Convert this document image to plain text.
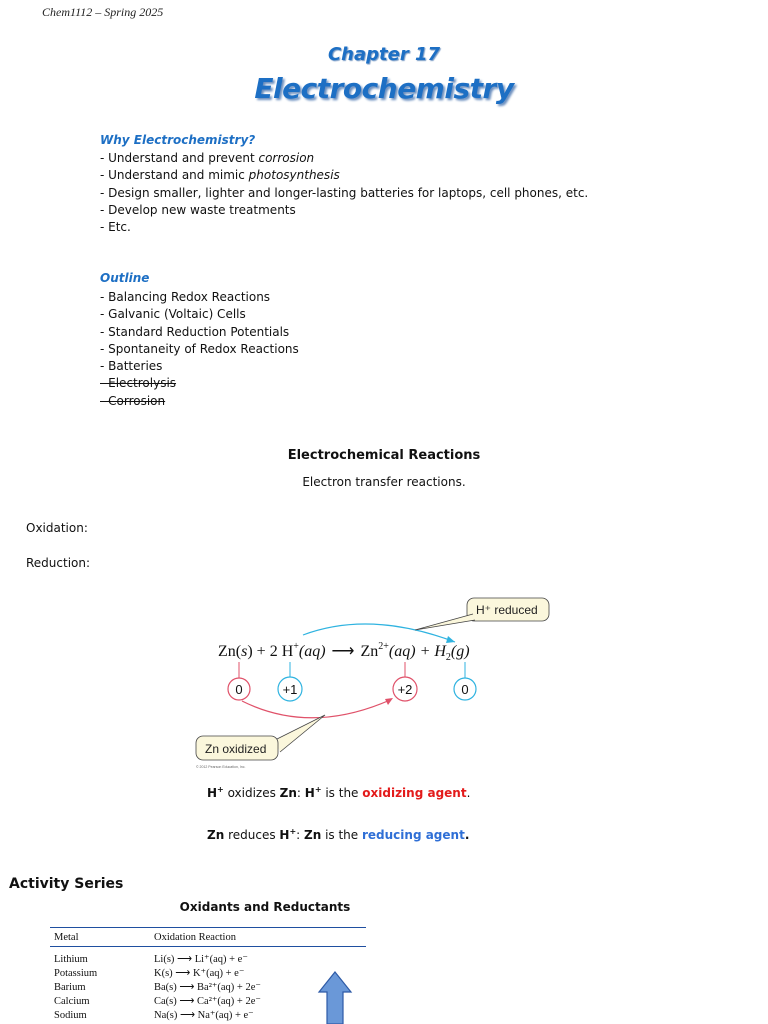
Chem1112 – Spring 2025
Chapter 17
Electrochemistry
Why Electrochemistry?
- Understand and prevent corrosion
- Understand and mimic photosynthesis
- Design smaller, lighter and longer-lasting batteries for laptops, cell phones, etc.
- Develop new waste treatments
- Etc.
Outline
- Balancing Redox Reactions
- Galvanic (Voltaic) Cells
- Standard Reduction Potentials
- Spontaneity of Redox Reactions
- Batteries
- Electrolysis
- Corrosion
Electrochemical Reactions
Electron transfer reactions.
Oxidation:
Reduction:
H⁺ reduced
Zn(s) + 2 H+(aq) ⟶ $Zn^{2+}(aq) + H_2(g)$
0	+1	+2	0
Zn oxidized
© 2012 Pearson Education, Inc.
H+ oxidizes Zn: H+ is the oxidizing agent.
Zn reduces H+: Zn is the reducing agent.
Activity Series
Oxidants and Reductants
Metal	Oxidation Reaction

Lithium	Li(s) ⟶ Li⁺(aq) + e⁻
Potassium	K(s) ⟶ K⁺(aq) + e⁻
Barium	Ba(s) ⟶ Ba²⁺(aq) + 2e⁻
Calcium	Ca(s) ⟶ Ca²⁺(aq) + 2e⁻
Sodium	Na(s) ⟶ Na⁺(aq) + e⁻
